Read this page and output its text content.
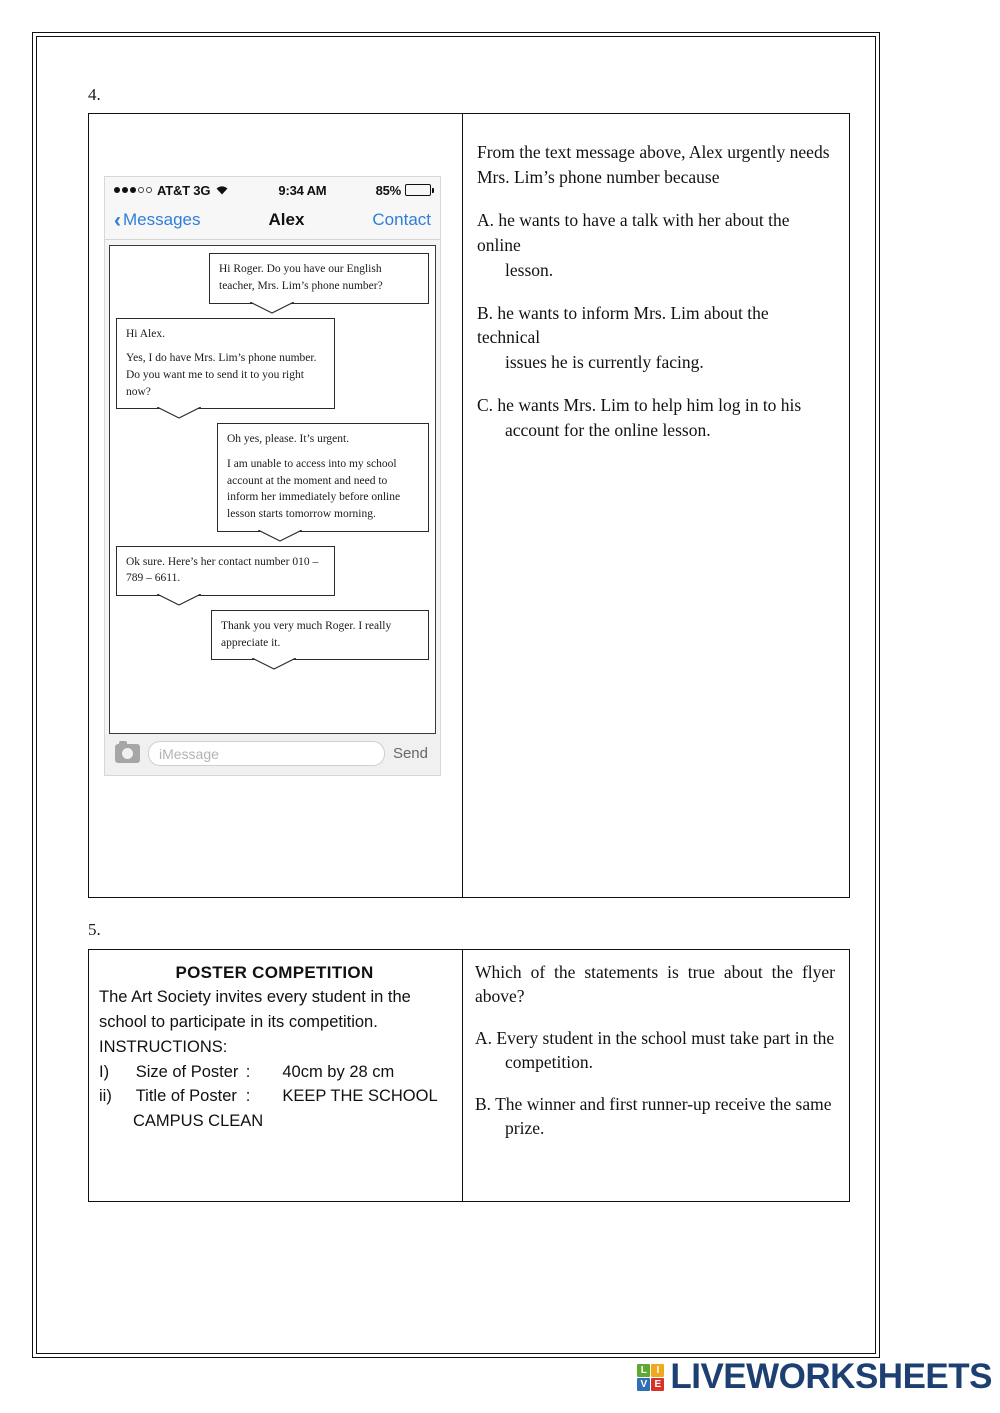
4.
AT&T 3G	9:34 AM	85%
‹ Messages	Alex	Contact

Hi Roger. Do you have our English teacher, Mrs. Lim’s phone number?

Hi Alex.

Yes, I do have Mrs. Lim’s phone number. Do you want me to send it to you right now?

Oh yes, please. It’s urgent.

I am unable to access into my school account at the moment and need to inform her immediately before online lesson starts tomorrow morning.

Ok sure. Here’s her contact number 010 – 789 – 6611.

Thank you very much Roger. I really appreciate it.

iMessage	Send

From the text message above, Alex urgently needs Mrs. Lim’s phone number because

A. he wants to have a talk with her about the online
lesson.

B. he wants to inform Mrs. Lim about the technical
issues he is currently facing.

C. he wants Mrs. Lim to help him log in to his
account for the online lesson.

5.

POSTER COMPETITION

The Art Society invites every student in the school to participate in its competition.

INSTRUCTIONS:

I)	Size of Poster	:	40cm by 28 cm

ii)	Title of Poster	:	KEEP THE SCHOOL

CAMPUS CLEAN

Which of the statements is true about the flyer above?

A. Every student in the school must take part in the
competition.

B. The winner and first runner-up receive the same
prize.

L I
V E LIVEWORKSHEETS
